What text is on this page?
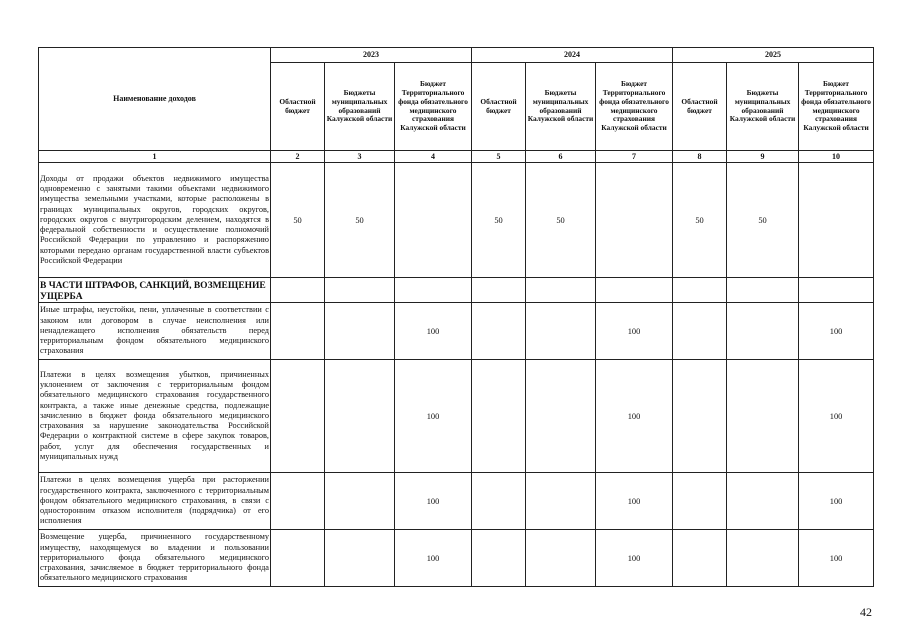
Наименование доходов	2023			2024			2025		
	Областной бюджет	Бюджеты муниципальных образований Калужской области	Бюджет Территориального фонда обязательного медицинского страхования Калужской области	Областной бюджет	Бюджеты муниципальных образований Калужской области	Бюджет Территориального фонда обязательного медицинского страхования Калужской области	Областной бюджет	Бюджеты муниципальных образований Калужской области	Бюджет Территориального фонда обязательного медицинского страхования Калужской области
1	2	3	4	5	6	7	8	9	10
Доходы от продажи объектов недвижимого имущества одновременно с занятыми такими объектами недвижимого имущества земельными участками, которые расположены в границах муниципальных округов, городских округов, городских округов с внутригородским делением, находятся в федеральной собственности и осуществление полномочий Российской Федерации по управлению и распоряжению которыми передано органам государственной власти субъектов Российской Федерации	50	50		50	50		50	50	
В ЧАСТИ ШТРАФОВ, САНКЦИЙ, ВОЗМЕЩЕНИЕ УЩЕРБА									
Иные штрафы, неустойки, пени, уплаченные в соответствии с законом или договором в случае неисполнения или ненадлежащего исполнения обязательств перед территориальным фондом обязательного медицинского страхования			100			100			100
Платежи в целях возмещения убытков, причиненных уклонением от заключения с территориальным фондом обязательного медицинского страхования государственного контракта, а также иные денежные средства, подлежащие зачислению в бюджет фонда обязательного медицинского страхования за нарушение законодательства Российской Федерации о контрактной системе в сфере закупок товаров, работ, услуг для обеспечения государственных и муниципальных нужд			100			100			100
Платежи в целях возмещения ущерба при расторжении государственного контракта, заключенного с территориальным фондом обязательного медицинского страхования, в связи с односторонним отказом исполнителя (подрядчика) от его исполнения			100			100			100
Возмещение ущерба, причиненного государственному имуществу, находящемуся во владении и пользовании территориального фонда обязательного медицинского страхования, зачисляемое в бюджет территориального фонда обязательного медицинского страхования			100			100			100
42
